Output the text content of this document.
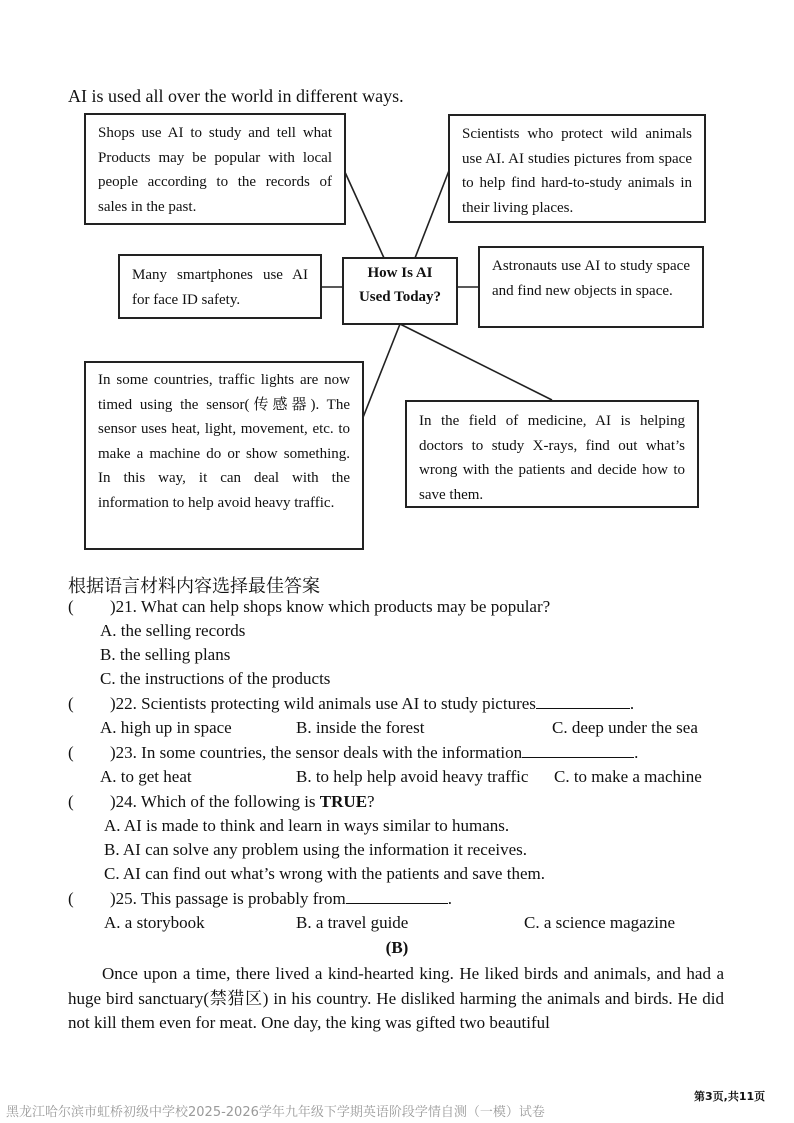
AI is used all over the world in different ways.
Shops use AI to study and tell what Products may be popular with local people according to the records of sales in the past.
Scientists who protect wild animals use AI. AI studies pictures from space to help find hard-to-study animals in their living places.
Many smartphones use AI for face ID safety.
How Is AI Used Today?
Astronauts use AI to study space and find new objects in space.
In some countries, traffic lights are now timed using the sensor(传感器). The sensor uses heat, light, movement, etc. to make a machine do or show something. In this way, it can deal with the information to help avoid heavy traffic.
In the field of medicine, AI is helping doctors to study X-rays, find out what’s wrong with the patients and decide how to save them.
根据语言材料内容选择最佳答案
( )21. What can help shops know which products may be popular?
A. the selling records
B. the selling plans
C. the instructions of the products
( )22. Scientists protecting wild animals use AI to study pictures	.
A. high up in space	B. inside the forest	C. deep under the sea
( )23. In some countries, the sensor deals with the information	.
A. to get heat	B. to help help avoid heavy traffic C. to make a machine
( )24. Which of the following is TRUE?
A. AI is made to think and learn in ways similar to humans.
B. AI can solve any problem using the information it receives.
C. AI can find out what’s wrong with the patients and save them.
( )25. This passage is probably from	.
A. a storybook	B. a travel guide	C. a science magazine
(B)

Once upon a time, there lived a kind-hearted king. He liked birds and animals, and had a huge bird sanctuary(禁猎区) in his country. He disliked harming the animals and birds. He did not kill them even for meat. One day, the king was gifted two beautiful

第3页,共11页
黑龙江哈尔滨市虹桥初级中学校2025-2026学年九年级下学期英语阶段学情自测（一模）试卷
